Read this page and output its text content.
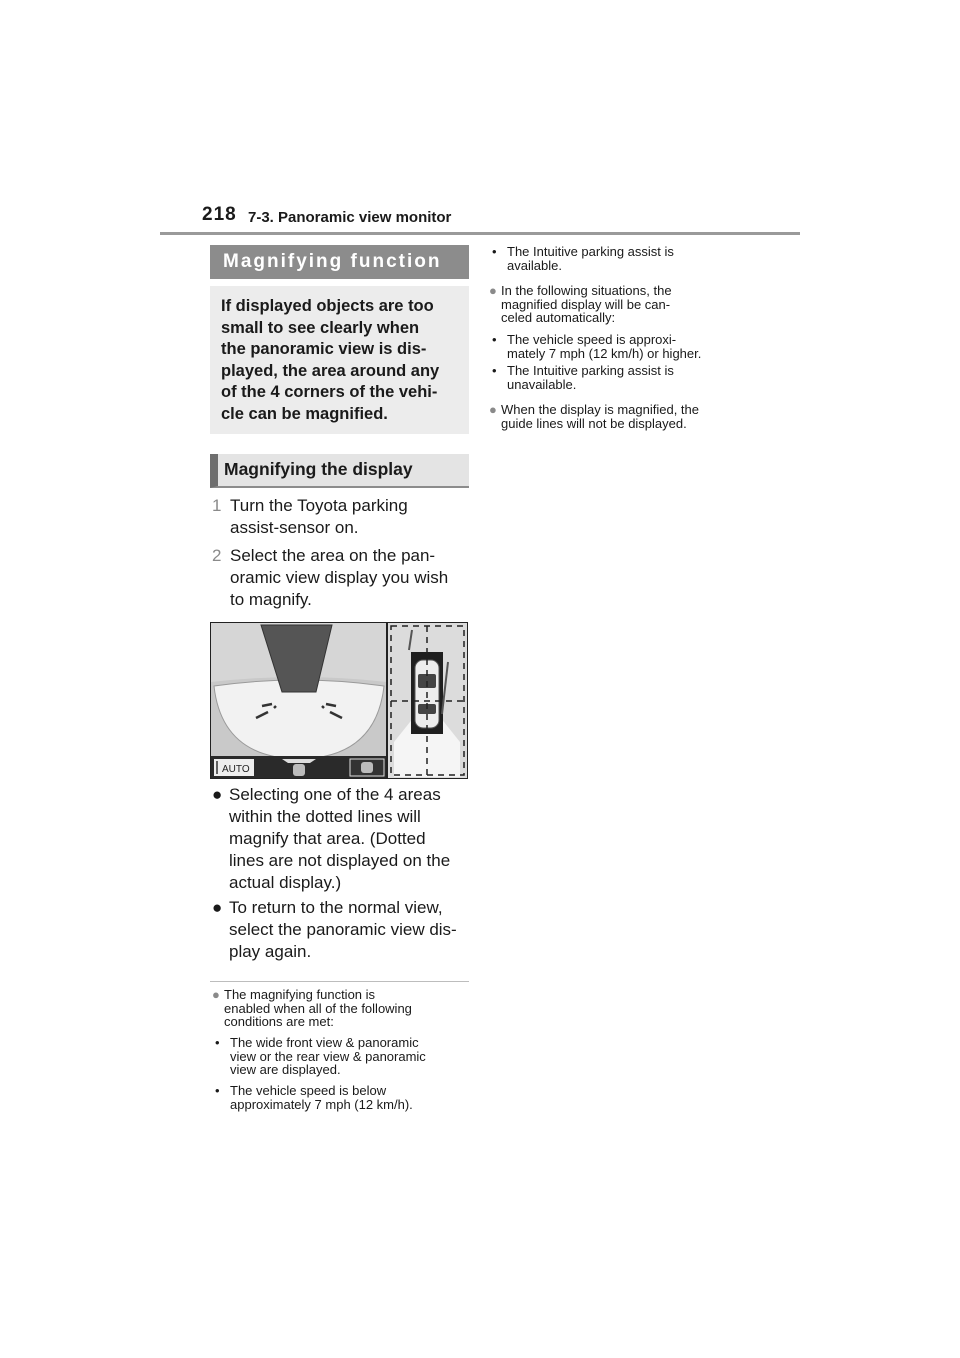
218 7-3. Panoramic view monitor
Magnifying function
If displayed objects are too
small to see clearly when
the panoramic view is dis-
played, the area around any
of the 4 corners of the vehi-
cle can be magnified.
Magnifying the display
1 Turn the Toyota parking
assist-sensor on.
2 Select the area on the pan-
oramic view display you wish
to magnify.
AUTO
● Selecting one of the 4 areas
within the dotted lines will
magnify that area. (Dotted
lines are not displayed on the
actual display.)
● To return to the normal view,
select the panoramic view dis-
play again.
● The magnifying function is
enabled when all of the following
conditions are met:
• The wide front view & panoramic
view or the rear view & panoramic
view are displayed.
• The vehicle speed is below
approximately 7 mph (12 km/h).
• The Intuitive parking assist is
available.
● In the following situations, the
magnified display will be can-
celed automatically:
• The vehicle speed is approxi-
mately 7 mph (12 km/h) or higher.
• The Intuitive parking assist is
unavailable.
● When the display is magnified, the
guide lines will not be displayed.
